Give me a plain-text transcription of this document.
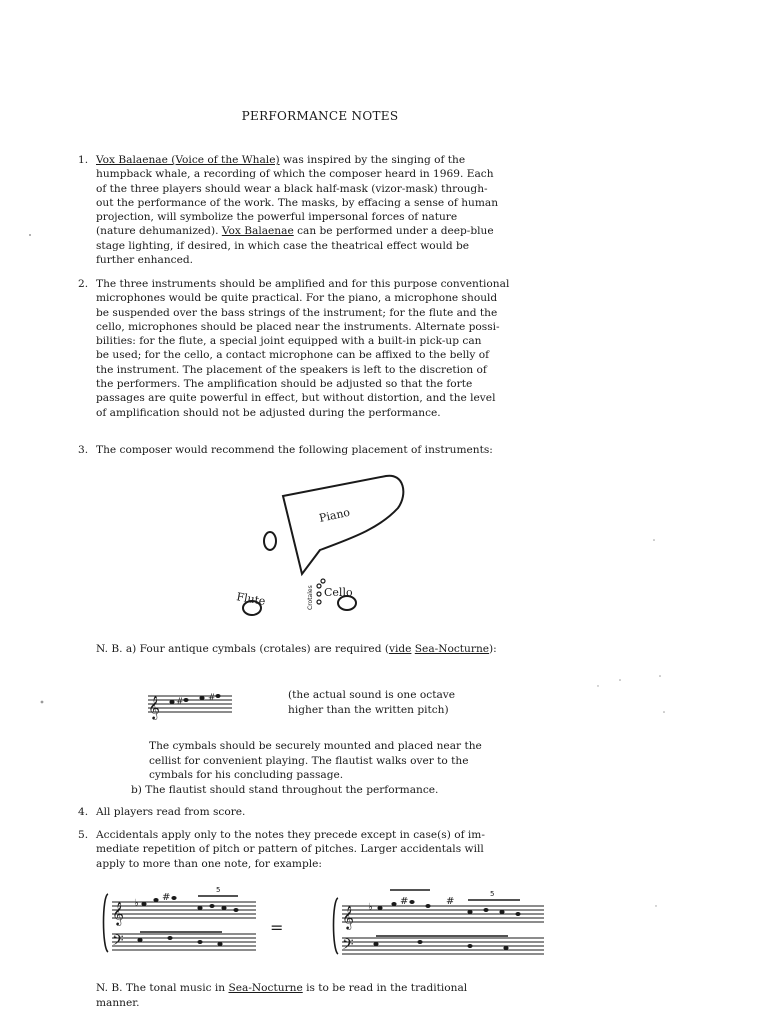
PERFORMANCE NOTES
1. Vox Balaenae (Voice of the Whale) was inspired by the singing of the
humpback whale, a recording of which the composer heard in 1969. Each
of the three players should wear a black half-mask (vizor-mask) through-
out the performance of the work. The masks, by effacing a sense of human
projection, will symbolize the powerful impersonal forces of nature
(nature dehumanized). Vox Balaenae can be performed under a deep-blue
stage lighting, if desired, in which case the theatrical effect would be
further enhanced.
2. The three instruments should be amplified and for this purpose conventional
microphones would be quite practical. For the piano, a microphone should
be suspended over the bass strings of the instrument; for the flute and the
cello, microphones should be placed near the instruments. Alternate possi-
bilities: for the flute, a special joint equipped with a built-in pick-up can
be used; for the cello, a contact microphone can be affixed to the belly of
the instrument. The placement of the speakers is left to the discretion of
the performers. The amplification should be adjusted so that the forte
passages are quite powerful in effect, but without distortion, and the level
of amplification should not be adjusted during the performance.
3. The composer would recommend the following placement of instruments:
Piano
Flute	Cello
Crotales
N. B. a) Four antique cymbals (crotales) are required (vide Sea-Nocturne):
𝄞 #	#	(the actual sound is one octave
higher than the written pitch)
The cymbals should be securely mounted and placed near the
cellist for convenient playing. The flautist walks over to the
cymbals for his concluding passage.
b) The flautist should stand throughout the performance.
4. All players read from score.
5. Accidentals apply only to the notes they precede except in case(s) of im-
mediate repetition of pitch or pattern of pitches. Larger accidentals will
apply to more than one note, for example:
𝄞
𝄢
♭
#
5
=	𝄞
𝄢
♭
#	#
5
N. B. The tonal music in Sea-Nocturne is to be read in the traditional
manner.
